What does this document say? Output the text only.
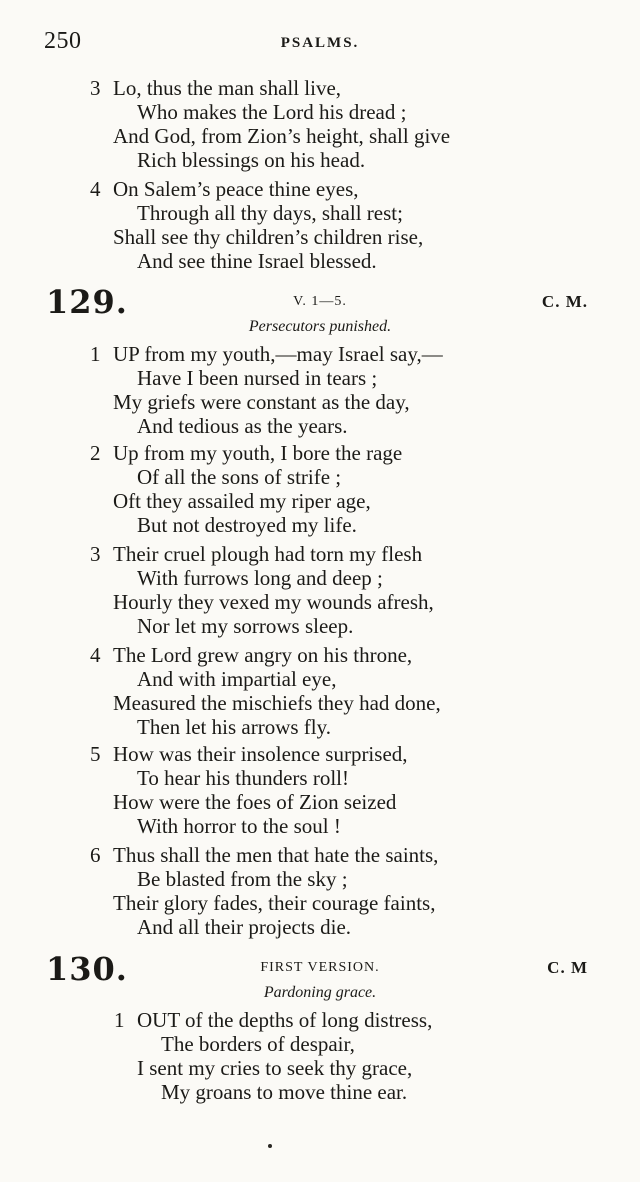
250	PSALMS.
3 Lo, thus the man shall live,
Who makes the Lord his dread ;
And God, from Zion’s height, shall give
Rich blessings on his head.
4 On Salem’s peace thine eyes,
Through all thy days, shall rest;
Shall see thy children’s children rise,
And see thine Israel blessed.
129.	V. 1—5.	C. M.
Persecutors punished.
1 UP from my youth,—may Israel say,—
Have I been nursed in tears ;
My griefs were constant as the day,
And tedious as the years.
2 Up from my youth, I bore the rage
Of all the sons of strife ;
Oft they assailed my riper age,
But not destroyed my life.
3 Their cruel plough had torn my flesh
With furrows long and deep ;
Hourly they vexed my wounds afresh,
Nor let my sorrows sleep.
4 The Lord grew angry on his throne,
And with impartial eye,
Measured the mischiefs they had done,
Then let his arrows fly.
5 How was their insolence surprised,
To hear his thunders roll!
How were the foes of Zion seized
With horror to the soul !
6 Thus shall the men that hate the saints,
Be blasted from the sky ;
Their glory fades, their courage faints,
And all their projects die.
130.	FIRST VERSION.	C. M
Pardoning grace.
1 OUT of the depths of long distress,
The borders of despair,
I sent my cries to seek thy grace,
My groans to move thine ear.
